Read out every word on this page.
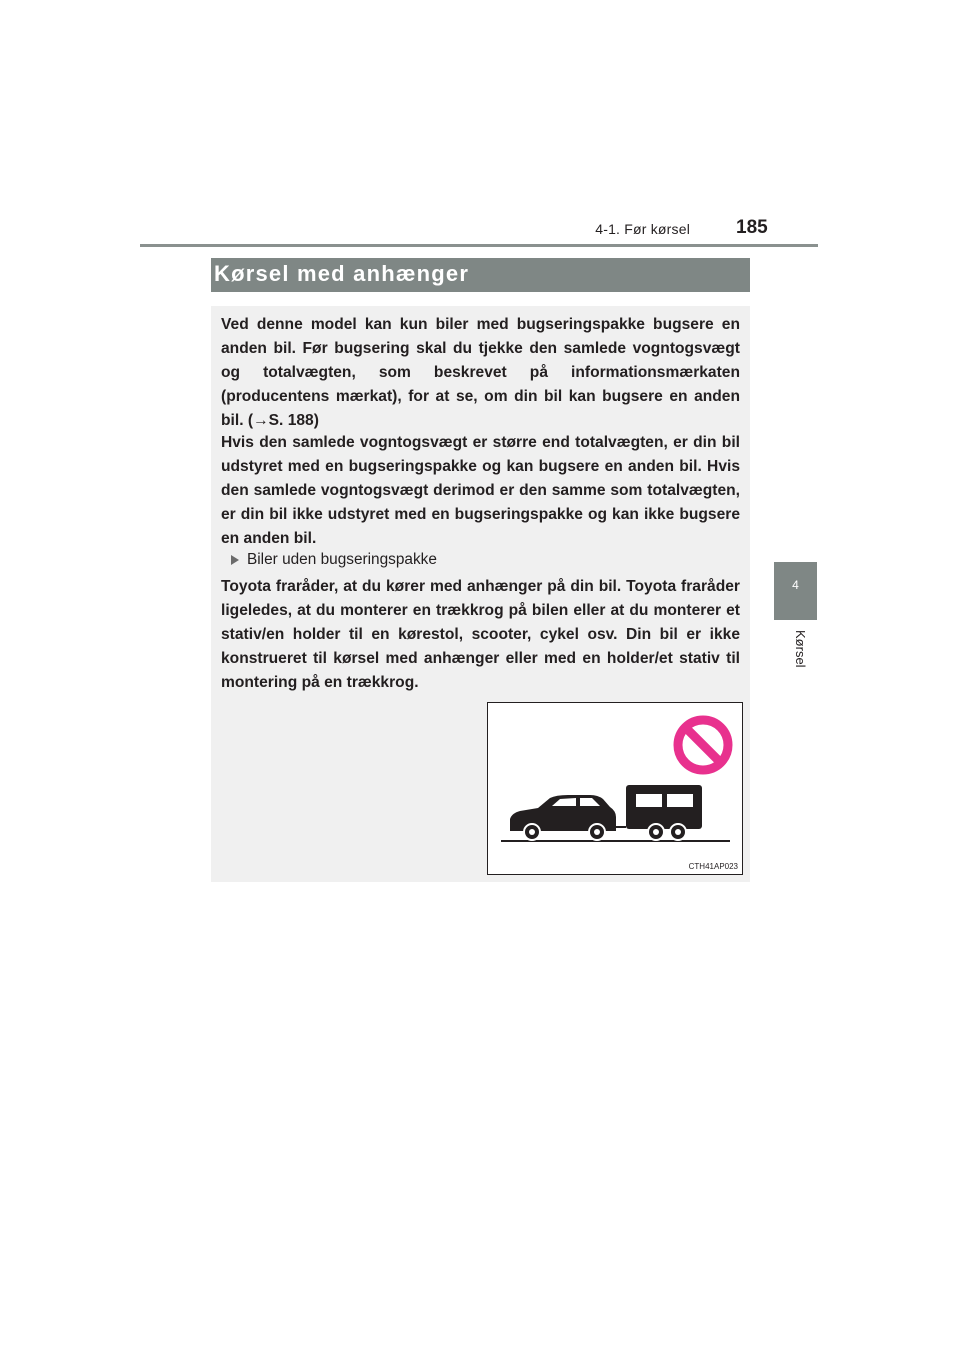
4-1. Før kørsel 185
4
Kørsel
Kørsel med anhænger

Ved denne model kan kun biler med bugseringspakke bugsere en anden bil. Før bugsering skal du tjekke den samlede vogntogsvægt og totalvægten, som beskrevet på informationsmærkaten (producentens mærkat), for at se, om din bil kan bugsere en anden bil. (→S. 188)

Hvis den samlede vogntogsvægt er større end totalvægten, er din bil udstyret med en bugseringspakke og kan bugsere en anden bil. Hvis den samlede vogntogsvægt derimod er den samme som totalvægten, er din bil ikke udstyret med en bugseringspakke og kan ikke bugsere en anden bil.

Biler uden bugseringspakke

Toyota fraråder, at du kører med anhænger på din bil. Toyota fraråder ligeledes, at du monterer en trækkrog på bilen eller at du monterer et stativ/en holder til en kørestol, scooter, cykel osv. Din bil er ikke konstrueret til kørsel med anhænger eller med en holder/et stativ til montering på en trækkrog.

CTH41AP023
